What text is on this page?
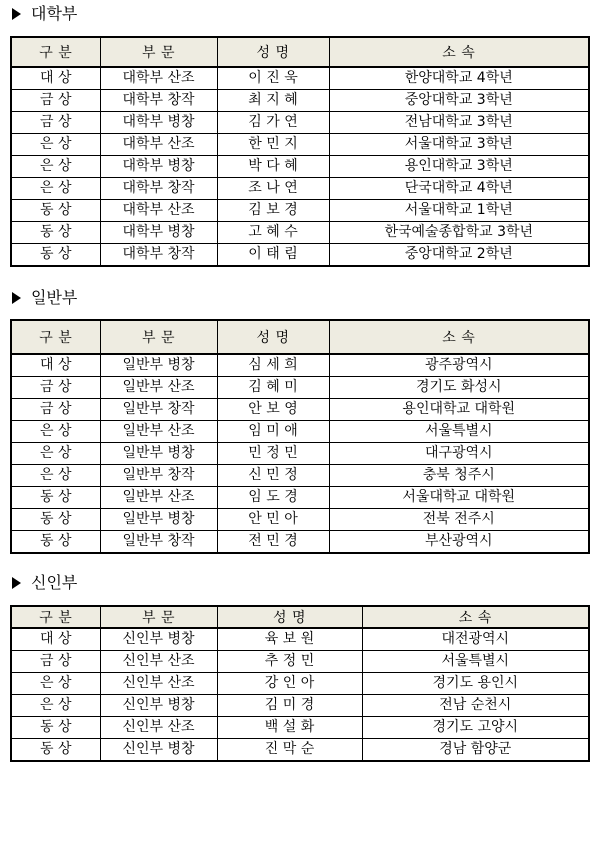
대학부
구 분	부 문	성 명	소 속
대 상	대학부 산조	이 진 욱	한양대학교 4학년
금 상	대학부 창작	최 지 혜	중앙대학교 3학년
금 상	대학부 병창	김 가 연	전남대학교 3학년
은 상	대학부 산조	한 민 지	서울대학교 3학년
은 상	대학부 병창	박 다 혜	용인대학교 3학년
은 상	대학부 창작	조 나 연	단국대학교 4학년
동 상	대학부 산조	김 보 경	서울대학교 1학년
동 상	대학부 병창	고 혜 수	한국예술종합학교 3학년
동 상	대학부 창작	이 태 림	중앙대학교 2학년
일반부
구 분	부 문	성 명	소 속
대 상	일반부 병창	심 세 희	광주광역시
금 상	일반부 산조	김 혜 미	경기도 화성시
금 상	일반부 창작	안 보 영	용인대학교 대학원
은 상	일반부 산조	임 미 애	서울특별시
은 상	일반부 병창	민 정 민	대구광역시
은 상	일반부 창작	신 민 정	충북 청주시
동 상	일반부 산조	임 도 경	서울대학교 대학원
동 상	일반부 병창	안 민 아	전북 전주시
동 상	일반부 창작	전 민 경	부산광역시
신인부
구 분	부 문	성 명	소 속
대 상	신인부 병창	육 보 원	대전광역시
금 상	신인부 산조	추 정 민	서울특별시
은 상	신인부 산조	강 인 아	경기도 용인시
은 상	신인부 병창	김 미 경	전남 순천시
동 상	신인부 산조	백 설 화	경기도 고양시
동 상	신인부 병창	진 막 순	경남 함양군
